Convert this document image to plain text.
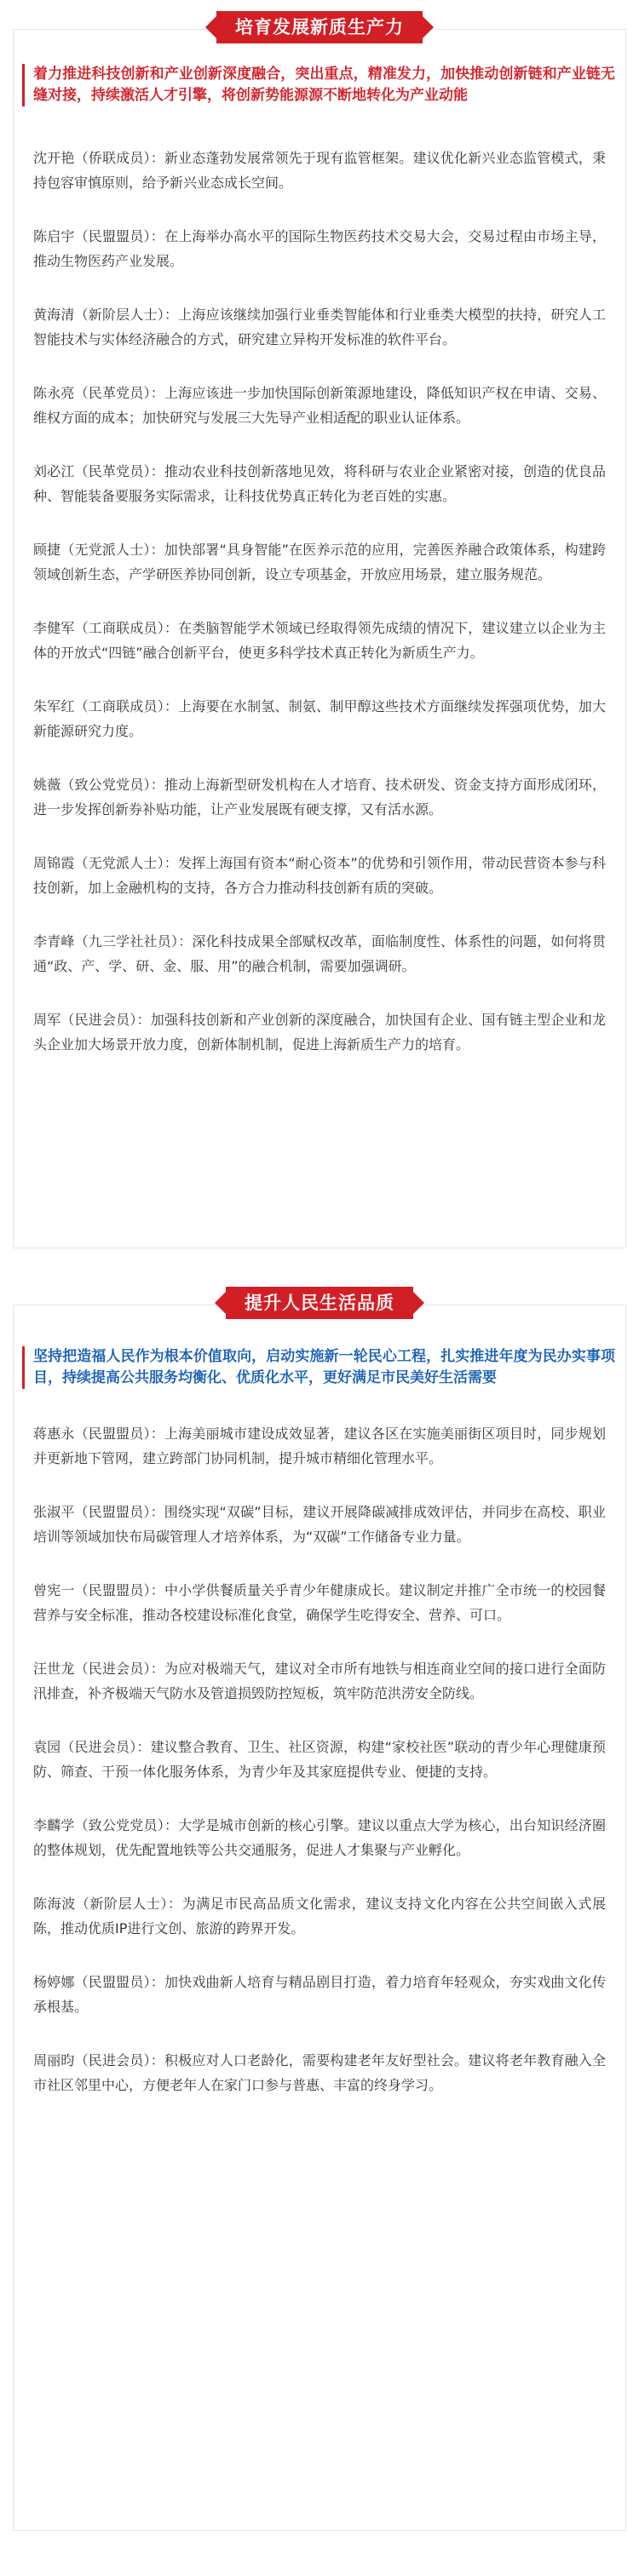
培育发展新质生产力
着力推进科技创新和产业创新深度融合，突出重点，精准发力，加快推动创新链和产业链无缝对接，持续激活人才引擎，将创新势能源源不断地转化为产业动能

沈开艳（侨联成员）：新业态蓬勃发展常领先于现有监管框架。建议优化新兴业态监管模式，秉持包容审慎原则，给予新兴业态成长空间。

陈启宇（民盟盟员）：在上海举办高水平的国际生物医药技术交易大会，交易过程由市场主导，推动生物医药产业发展。

黄海清（新阶层人士）：上海应该继续加强行业垂类智能体和行业垂类大模型的扶持，研究人工智能技术与实体经济融合的方式，研究建立异构开发标准的软件平台。

陈永亮（民革党员）：上海应该进一步加快国际创新策源地建设，降低知识产权在申请、交易、维权方面的成本；加快研究与发展三大先导产业相适配的职业认证体系。

刘必江（民革党员）：推动农业科技创新落地见效，将科研与农业企业紧密对接，创造的优良品种、智能装备要服务实际需求，让科技优势真正转化为老百姓的实惠。

顾捷（无党派人士）：加快部署“具身智能”在医养示范的应用，完善医养融合政策体系，构建跨领域创新生态，产学研医养协同创新，设立专项基金，开放应用场景，建立服务规范。

李健军（工商联成员）：在类脑智能学术领域已经取得领先成绩的情况下，建议建立以企业为主体的开放式“四链”融合创新平台，使更多科学技术真正转化为新质生产力。

朱军红（工商联成员）：上海要在水制氢、制氨、制甲醇这些技术方面继续发挥强项优势，加大新能源研究力度。

姚薇（致公党党员）：推动上海新型研发机构在人才培育、技术研发、资金支持方面形成闭环，进一步发挥创新券补贴功能，让产业发展既有硬支撑，又有活水源。

周锦霞（无党派人士）：发挥上海国有资本“耐心资本”的优势和引领作用，带动民营资本参与科技创新，加上金融机构的支持，各方合力推动科技创新有质的突破。

李青峰（九三学社社员）：深化科技成果全部赋权改革，面临制度性、体系性的问题，如何将贯通“政、产、学、研、金、服、用”的融合机制，需要加强调研。

周军（民进会员）：加强科技创新和产业创新的深度融合，加快国有企业、国有链主型企业和龙头企业加大场景开放力度，创新体制机制，促进上海新质生产力的培育。

提升人民生活品质
坚持把造福人民作为根本价值取向，启动实施新一轮民心工程，扎实推进年度为民办实事项目，持续提高公共服务均衡化、优质化水平，更好满足市民美好生活需要

蒋惠永（民盟盟员）：上海美丽城市建设成效显著，建议各区在实施美丽街区项目时，同步规划并更新地下管网，建立跨部门协同机制，提升城市精细化管理水平。

张淑平（民盟盟员）：围绕实现“双碳”目标，建议开展降碳减排成效评估，并同步在高校、职业培训等领域加快布局碳管理人才培养体系，为“双碳”工作储备专业力量。

曾宪一（民盟盟员）：中小学供餐质量关乎青少年健康成长。建议制定并推广全市统一的校园餐营养与安全标准，推动各校建设标准化食堂，确保学生吃得安全、营养、可口。

汪世龙（民进会员）：为应对极端天气，建议对全市所有地铁与相连商业空间的接口进行全面防汛排查，补齐极端天气防水及管道损毁防控短板，筑牢防范洪涝安全防线。

袁园（民进会员）：建议整合教育、卫生、社区资源，构建“家校社医”联动的青少年心理健康预防、筛查、干预一体化服务体系，为青少年及其家庭提供专业、便捷的支持。

李麟学（致公党党员）：大学是城市创新的核心引擎。建议以重点大学为核心，出台知识经济圈的整体规划，优先配置地铁等公共交通服务，促进人才集聚与产业孵化。

陈海波（新阶层人士）：为满足市民高品质文化需求，建议支持文化内容在公共空间嵌入式展陈，推动优质IP进行文创、旅游的跨界开发。

杨婷娜（民盟盟员）：加快戏曲新人培育与精品剧目打造，着力培育年轻观众，夯实戏曲文化传承根基。

周丽昀（民进会员）：积极应对人口老龄化，需要构建老年友好型社会。建议将老年教育融入全市社区邻里中心，方便老年人在家门口参与普惠、丰富的终身学习。
